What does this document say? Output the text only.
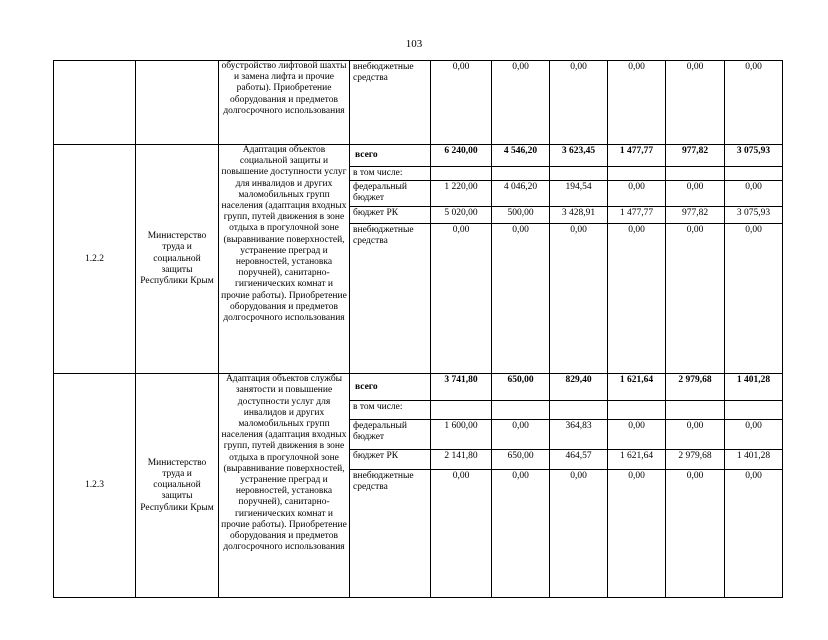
103
		обустройство лифтовой шахты и замена лифта и прочие работы). Приобретение оборудования и предметов долгосрочного использования	внебюджетные средства	0,00	0,00	0,00	0,00	0,00	0,00
1.2.2	Министерство труда и социальной защиты Республики Крым	Адаптация объектов социальной защиты и повышение доступности услуг для инвалидов и других маломобильных групп населения (адаптация входных групп, путей движения в зоне отдыха в прогулочной зоне (выравнивание поверхностей, устранение преград и неровностей, установка поручней), санитарно-гигиенических комнат и прочие работы). Приобретение оборудования и предметов долгосрочного использования	всего	6 240,00	4 546,20	3 623,45	1 477,77	977,82	3 075,93
			в том числе:						
			федеральный бюджет	1 220,00	4 046,20	194,54	0,00	0,00	0,00
			бюджет РК	5 020,00	500,00	3 428,91	1 477,77	977,82	3 075,93
			внебюджетные средства	0,00	0,00	0,00	0,00	0,00	0,00
1.2.3	Министерство труда и социальной защиты Республики Крым	Адаптация объектов службы занятости и повышение доступности услуг для инвалидов и других маломобильных групп населения (адаптация входных групп, путей движения в зоне отдыха в прогулочной зоне (выравнивание поверхностей, устранение преград и неровностей, установка поручней), санитарно-гигиенических комнат и прочие работы). Приобретение оборудования и предметов долгосрочного использования	всего	3 741,80	650,00	829,40	1 621,64	2 979,68	1 401,28
			в том числе:						
			федеральный бюджет	1 600,00	0,00	364,83	0,00	0,00	0,00
			бюджет РК	2 141,80	650,00	464,57	1 621,64	2 979,68	1 401,28
			внебюджетные средства	0,00	0,00	0,00	0,00	0,00	0,00
